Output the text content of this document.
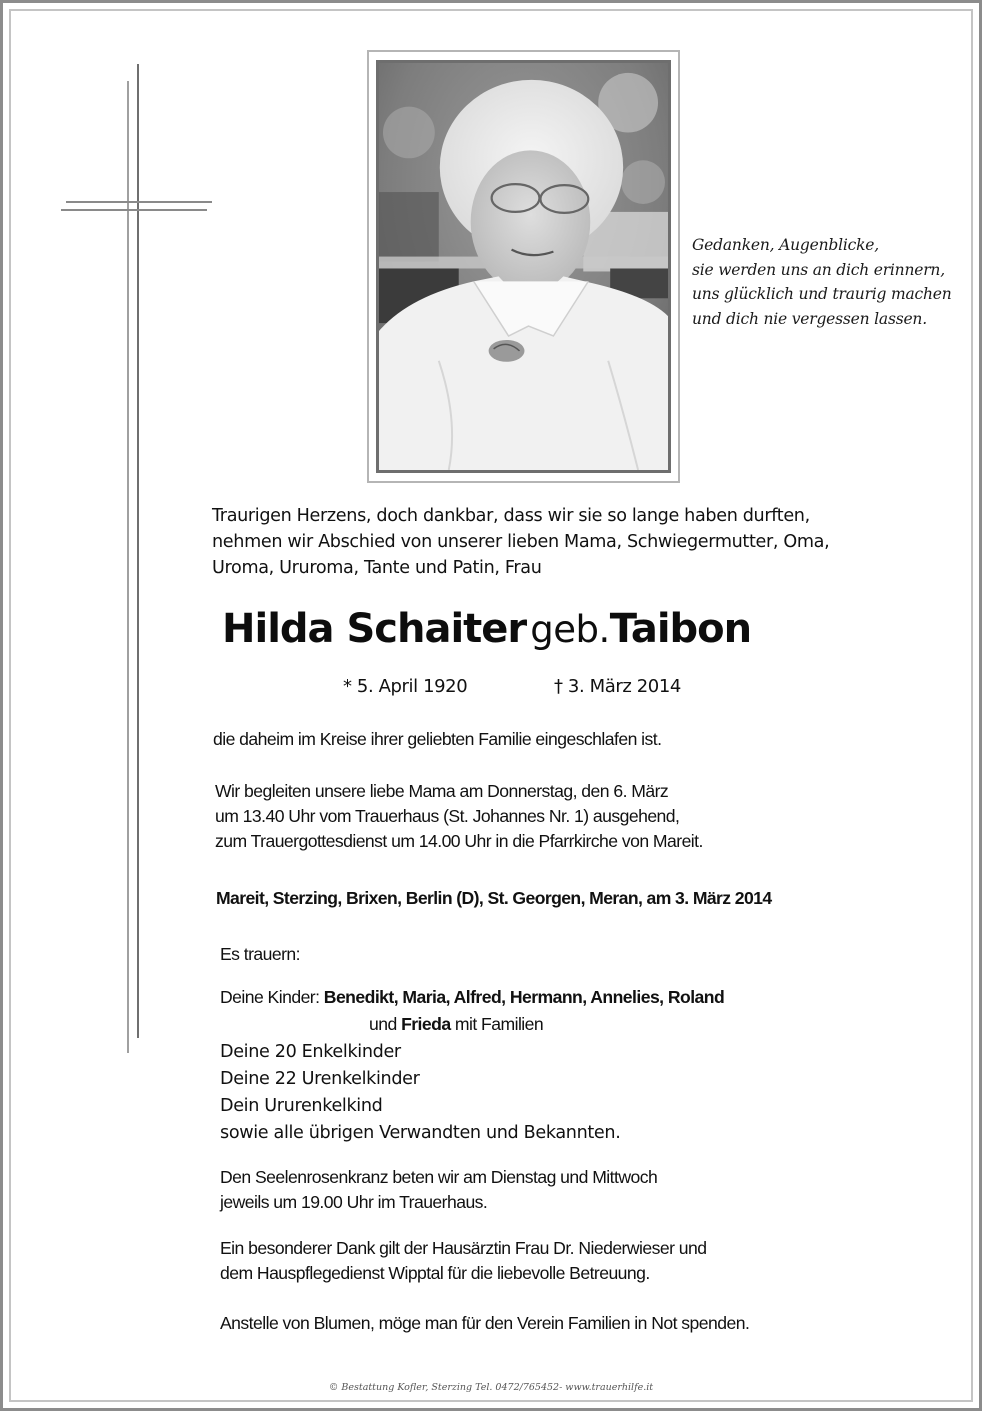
Gedanken, Augenblicke,
sie werden uns an dich erinnern,
uns glücklich und traurig machen
und dich nie vergessen lassen.
Traurigen Herzens, doch dankbar, dass wir sie so lange haben durften,
nehmen wir Abschied von unserer lieben Mama, Schwiegermutter, Oma,
Uroma, Ururoma, Tante und Patin, Frau
Hilda Schaiter geb.Taibon
* 5. April 1920	† 3. März 2014
die daheim im Kreise ihrer geliebten Familie eingeschlafen ist.
Wir begleiten unsere liebe Mama am Donnerstag, den 6. März
um 13.40 Uhr vom Trauerhaus (St. Johannes Nr. 1) ausgehend,
zum Trauergottesdienst um 14.00 Uhr in die Pfarrkirche von Mareit.
Mareit, Sterzing, Brixen, Berlin (D), St. Georgen, Meran, am 3. März 2014
Es trauern:
Deine Kinder: Benedikt, Maria, Alfred, Hermann, Annelies, Roland
und Frieda mit Familien
Deine 20 Enkelkinder
Deine 22 Urenkelkinder
Dein Ururenkelkind
sowie alle übrigen Verwandten und Bekannten.
Den Seelenrosenkranz beten wir am Dienstag und Mittwoch
jeweils um 19.00 Uhr im Trauerhaus.
Ein besonderer Dank gilt der Hausärztin Frau Dr. Niederwieser und
dem Hauspflegedienst Wipptal für die liebevolle Betreuung.
Anstelle von Blumen, möge man für den Verein Familien in Not spenden.
© Bestattung Kofler, Sterzing Tel. 0472/765452- www.trauerhilfe.it
